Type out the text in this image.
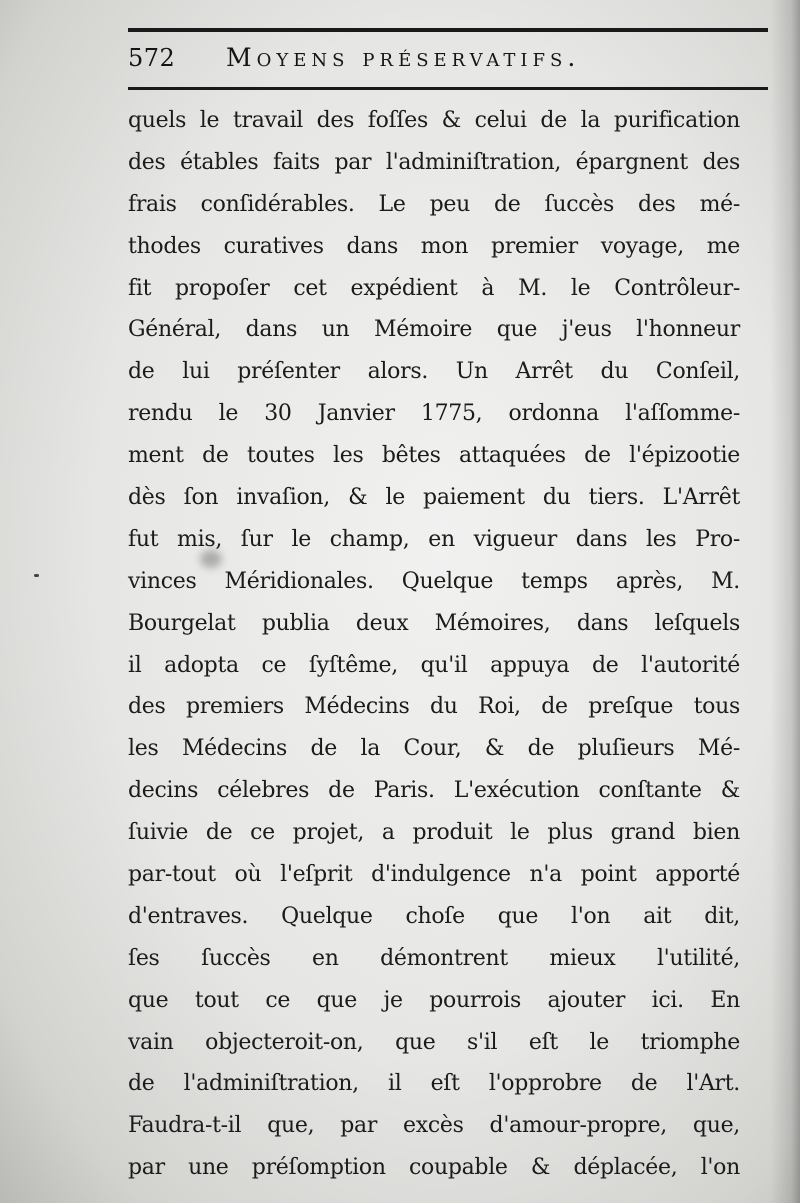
572 Moyens préservatifs.
quels le travail des foſſes & celui de la purification
des étables faits par l'adminiſtration, épargnent des
frais conſidérables. Le peu de ſuccès des mé-
thodes curatives dans mon premier voyage, me
fit propoſer cet expédient à M. le Contrôleur-
Général, dans un Mémoire que j'eus l'honneur
de lui préſenter alors. Un Arrêt du Conſeil,
rendu le 30 Janvier 1775, ordonna l'aſſomme-
ment de toutes les bêtes attaquées de l'épizootie
dès ſon invaſion, & le paiement du tiers. L'Arrêt
fut mis, ſur le champ, en vigueur dans les Pro-
vinces Méridionales. Quelque temps après, M.
Bourgelat publia deux Mémoires, dans leſquels
il adopta ce ſyſtême, qu'il appuya de l'autorité
des premiers Médecins du Roi, de preſque tous
les Médecins de la Cour, & de pluſieurs Mé-
decins célebres de Paris. L'exécution conſtante &
ſuivie de ce projet, a produit le plus grand bien
par-tout où l'eſprit d'indulgence n'a point apporté
d'entraves. Quelque choſe que l'on ait dit,
ſes ſuccès en démontrent mieux l'utilité,
que tout ce que je pourrois ajouter ici. En
vain objecteroit-on, que s'il eſt le triomphe
de l'adminiſtration, il eſt l'opprobre de l'Art.
Faudra-t-il que, par excès d'amour-propre, que,
par une préſomption coupable & déplacée, l'on
